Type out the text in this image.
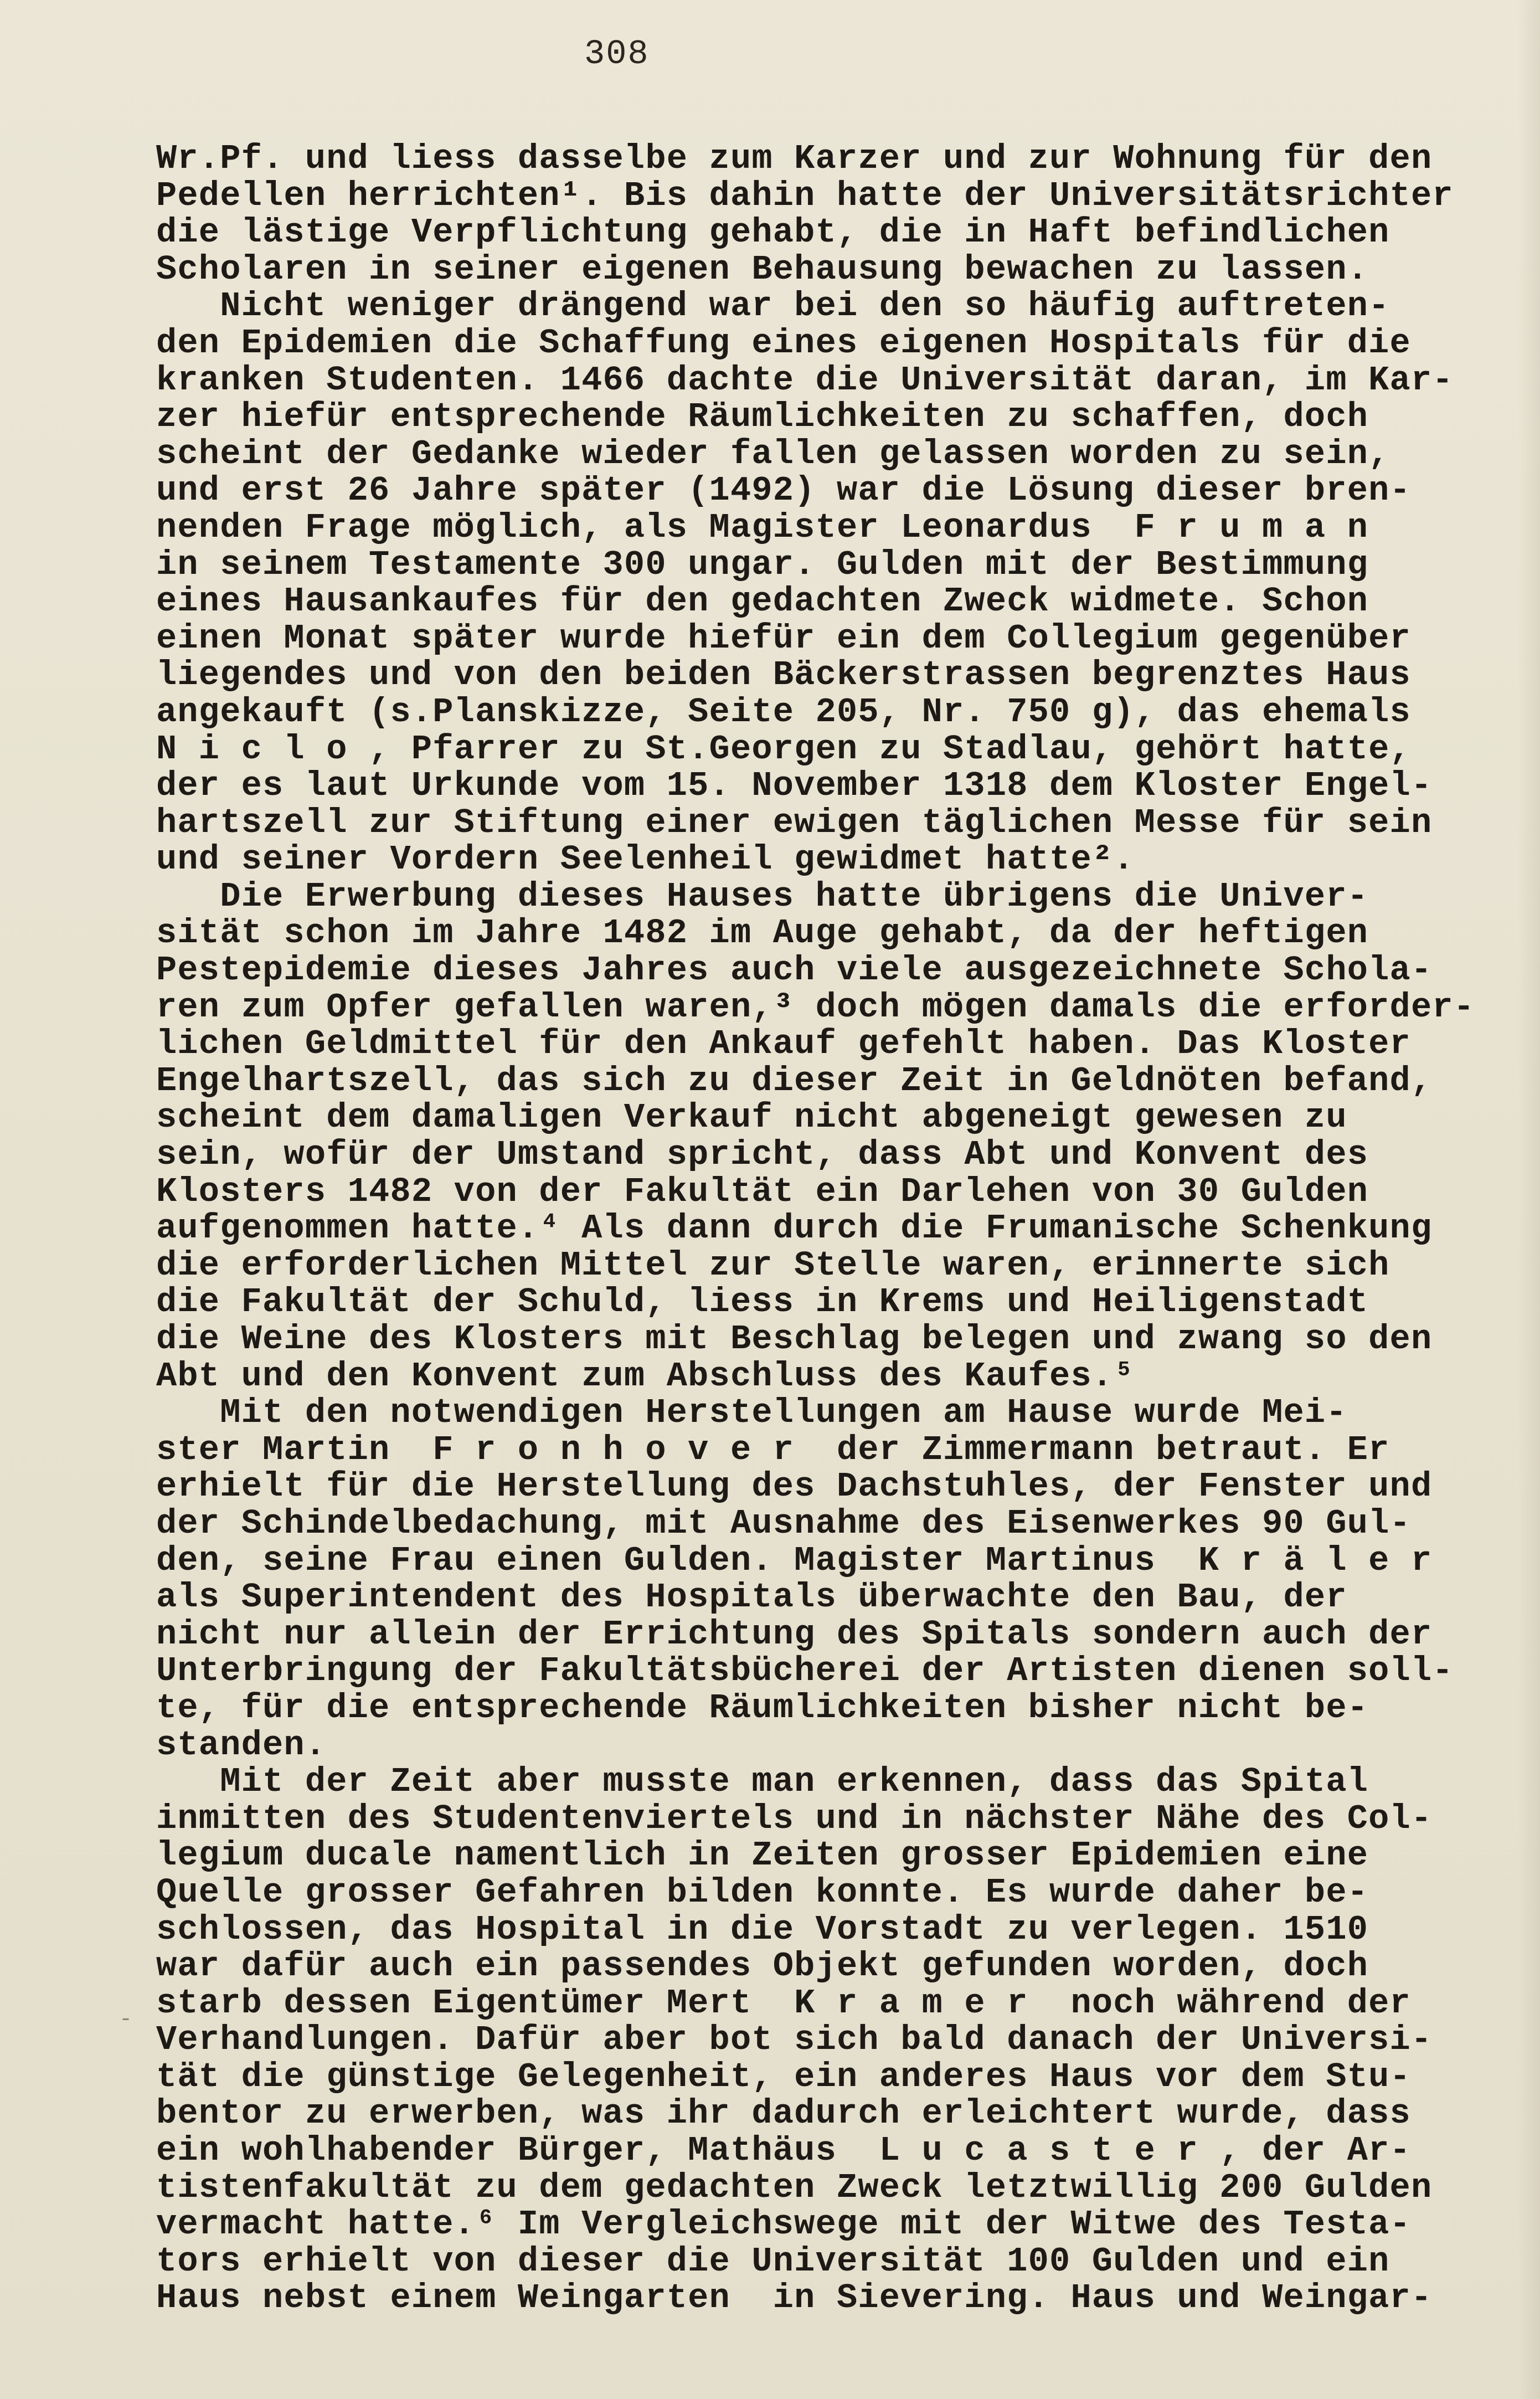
308
-
Wr.Pf. und liess dasselbe zum Karzer und zur Wohnung für den
Pedellen herrichten¹. Bis dahin hatte der Universitätsrichter
die lästige Verpflichtung gehabt, die in Haft befindlichen
Scholaren in seiner eigenen Behausung bewachen zu lassen.
Nicht weniger drängend war bei den so häufig auftreten-
den Epidemien die Schaffung eines eigenen Hospitals für die
kranken Studenten. 1466 dachte die Universität daran, im Kar-
zer hiefür entsprechende Räumlichkeiten zu schaffen, doch
scheint der Gedanke wieder fallen gelassen worden zu sein,
und erst 26 Jahre später (1492) war die Lösung dieser bren-
nenden Frage möglich, als Magister Leonardus  F r u m a n
in seinem Testamente 300 ungar. Gulden mit der Bestimmung
eines Hausankaufes für den gedachten Zweck widmete. Schon
einen Monat später wurde hiefür ein dem Collegium gegenüber
liegendes und von den beiden Bäckerstrassen begrenztes Haus
angekauft (s.Planskizze, Seite 205, Nr. 750 g), das ehemals
N i c l o , Pfarrer zu St.Georgen zu Stadlau, gehört hatte,
der es laut Urkunde vom 15. November 1318 dem Kloster Engel-
hartszell zur Stiftung einer ewigen täglichen Messe für sein
und seiner Vordern Seelenheil gewidmet hatte².
Die Erwerbung dieses Hauses hatte übrigens die Univer-
sität schon im Jahre 1482 im Auge gehabt, da der heftigen
Pestepidemie dieses Jahres auch viele ausgezeichnete Schola-
ren zum Opfer gefallen waren,³ doch mögen damals die erforder-
lichen Geldmittel für den Ankauf gefehlt haben. Das Kloster
Engelhartszell, das sich zu dieser Zeit in Geldnöten befand,
scheint dem damaligen Verkauf nicht abgeneigt gewesen zu
sein, wofür der Umstand spricht, dass Abt und Konvent des
Klosters 1482 von der Fakultät ein Darlehen von 30 Gulden
aufgenommen hatte.⁴ Als dann durch die Frumanische Schenkung
die erforderlichen Mittel zur Stelle waren, erinnerte sich
die Fakultät der Schuld, liess in Krems und Heiligenstadt
die Weine des Klosters mit Beschlag belegen und zwang so den
Abt und den Konvent zum Abschluss des Kaufes.⁵
Mit den notwendigen Herstellungen am Hause wurde Mei-
ster Martin  F r o n h o v e r  der Zimmermann betraut. Er
erhielt für die Herstellung des Dachstuhles, der Fenster und
der Schindelbedachung, mit Ausnahme des Eisenwerkes 90 Gul-
den, seine Frau einen Gulden. Magister Martinus  K r ä l e r
als Superintendent des Hospitals überwachte den Bau, der
nicht nur allein der Errichtung des Spitals sondern auch der
Unterbringung der Fakultätsbücherei der Artisten dienen soll-
te, für die entsprechende Räumlichkeiten bisher nicht be-
standen.
Mit der Zeit aber musste man erkennen, dass das Spital
inmitten des Studentenviertels und in nächster Nähe des Col-
legium ducale namentlich in Zeiten grosser Epidemien eine
Quelle grosser Gefahren bilden konnte. Es wurde daher be-
schlossen, das Hospital in die Vorstadt zu verlegen. 1510
war dafür auch ein passendes Objekt gefunden worden, doch
starb dessen Eigentümer Mert  K r a m e r  noch während der
Verhandlungen. Dafür aber bot sich bald danach der Universi-
tät die günstige Gelegenheit, ein anderes Haus vor dem Stu-
bentor zu erwerben, was ihr dadurch erleichtert wurde, dass
ein wohlhabender Bürger, Mathäus  L u c a s t e r , der Ar-
tistenfakultät zu dem gedachten Zweck letztwillig 200 Gulden
vermacht hatte.⁶ Im Vergleichswege mit der Witwe des Testa-
tors erhielt von dieser die Universität 100 Gulden und ein
Haus nebst einem Weingarten  in Sievering. Haus und Weingar-
